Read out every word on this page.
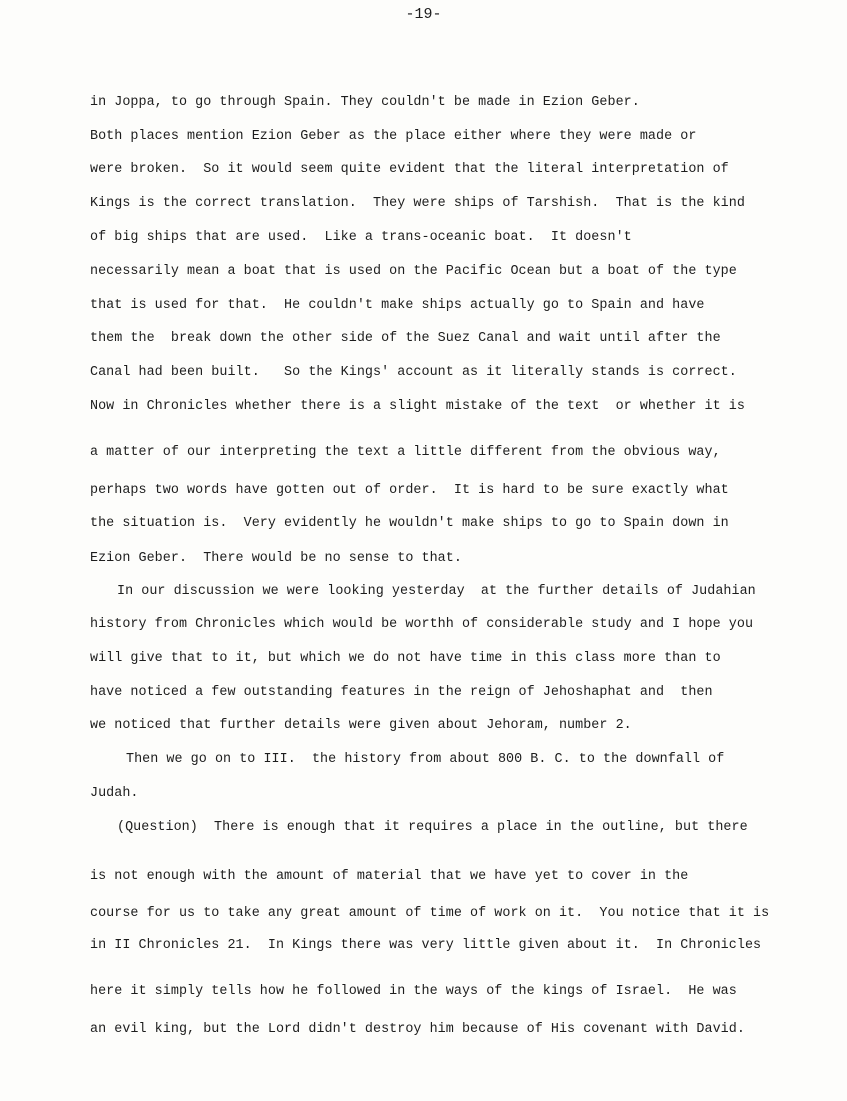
-19-
in Joppa, to go through Spain. They couldn't be made in Ezion Geber.
Both places mention Ezion Geber as the place either where they were made or
were broken.  So it would seem quite evident that the literal interpretation of
Kings is the correct translation.  They were ships of Tarshish.  That is the kind
of big ships that are used.  Like a trans-oceanic boat.  It doesn't
necessarily mean a boat that is used on the Pacific Ocean but a boat of the type
that is used for that.  He couldn't make ships actually go to Spain and have
them the  break down the other side of the Suez Canal and wait until after the
Canal had been built.   So the Kings' account as it literally stands is correct.
Now in Chronicles whether there is a slight mistake of the text  or whether it is
a matter of our interpreting the text a little different from the obvious way,
perhaps two words have gotten out of order.  It is hard to be sure exactly what
the situation is.  Very evidently he wouldn't make ships to go to Spain down in
Ezion Geber.  There would be no sense to that.
In our discussion we were looking yesterday  at the further details of Judahian
history from Chronicles which would be worthh of considerable study and I hope you
will give that to it, but which we do not have time in this class more than to
have noticed a few outstanding features in the reign of Jehoshaphat and  then
we noticed that further details were given about Jehoram, number 2.
Then we go on to III.  the history from about 800 B. C. to the downfall of
Judah.
(Question)  There is enough that it requires a place in the outline, but there
is not enough with the amount of material that we have yet to cover in the
course for us to take any great amount of time of work on it.  You notice that it is
in II Chronicles 21.  In Kings there was very little given about it.  In Chronicles
here it simply tells how he followed in the ways of the kings of Israel.  He was
an evil king, but the Lord didn't destroy him because of His covenant with David.
